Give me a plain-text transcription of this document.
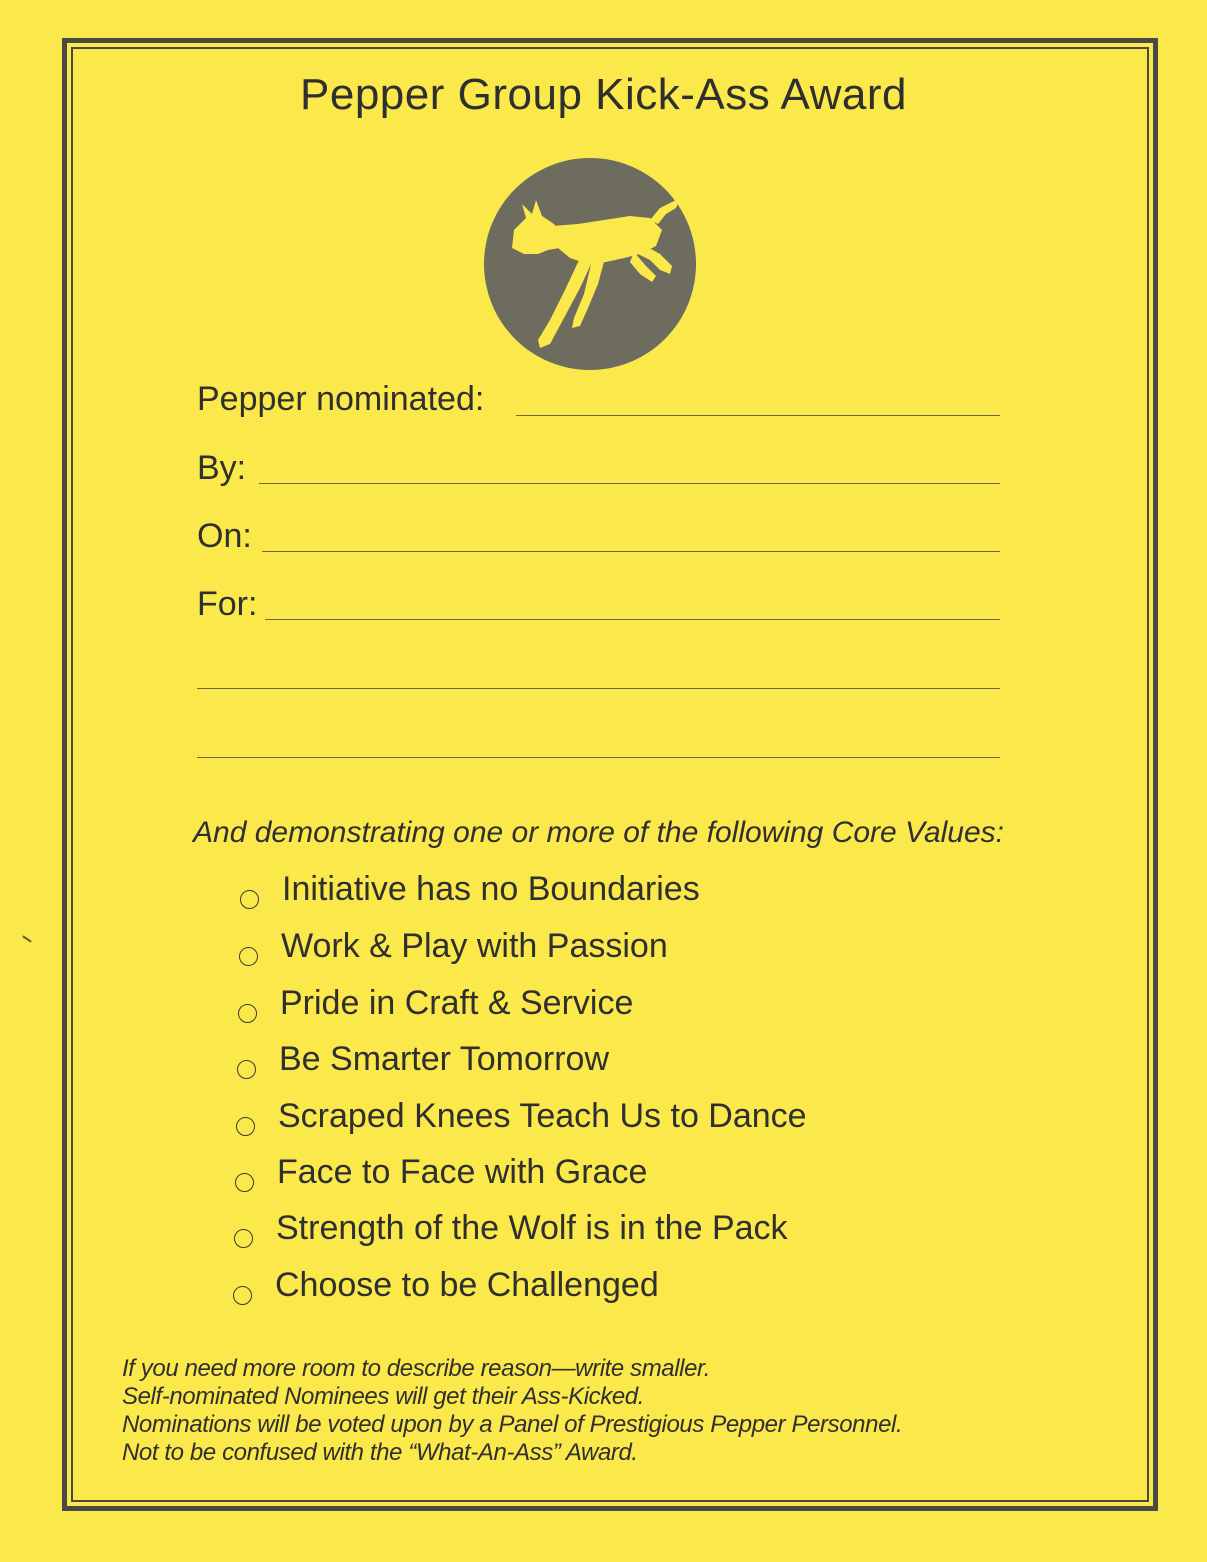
Pepper Group Kick-Ass Award
Pepper nominated:
By:
On:
For:
And demonstrating one or more of the following Core Values:
Initiative has no Boundaries
Work & Play with Passion
Pride in Craft & Service
Be Smarter Tomorrow
Scraped Knees Teach Us to Dance
Face to Face with Grace
Strength of the Wolf is in the Pack
Choose to be Challenged
If you need more room to describe reason—write smaller.
Self-nominated Nominees will get their Ass-Kicked.
Nominations will be voted upon by a Panel of Prestigious Pepper Personnel.
Not to be confused with the “What-An-Ass” Award.
